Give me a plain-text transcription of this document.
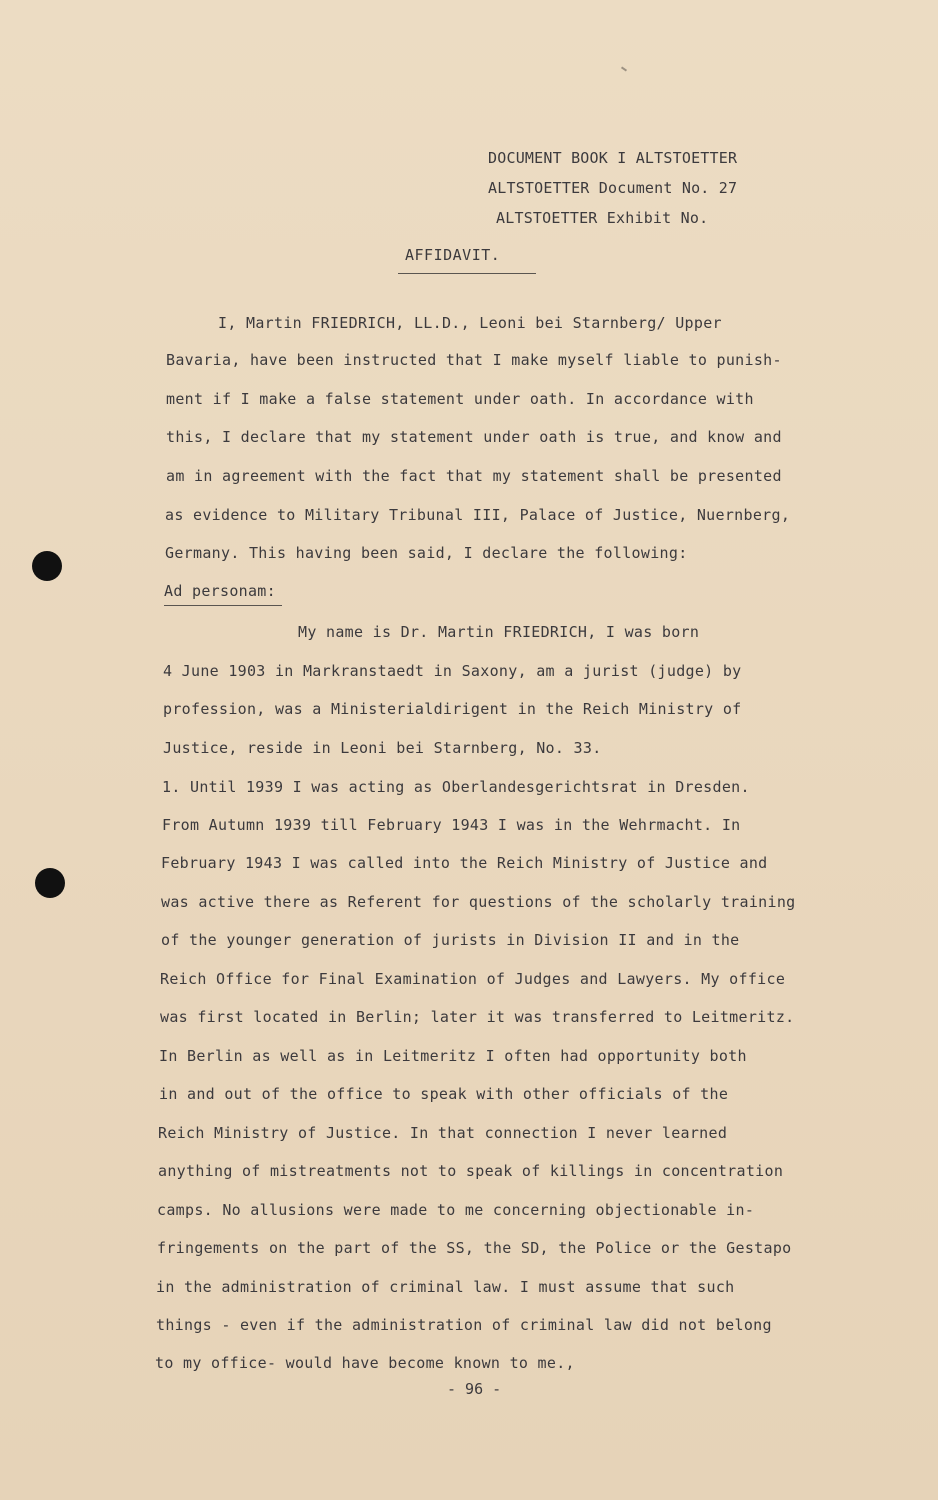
DOCUMENT BOOK I ALTSTOETTER
ALTSTOETTER Document No. 27
ALTSTOETTER Exhibit No.
AFFIDAVIT.
I, Martin FRIEDRICH, LL.D., Leoni bei Starnberg/ Upper
Bavaria, have been instructed that I make myself liable to punish-
ment if I make a false statement under oath. In accordance with
this, I declare that my statement under oath is true, and know and
am in agreement with the fact that my statement shall be presented
as evidence to Military Tribunal III, Palace of Justice, Nuernberg,
Germany. This having been said, I declare the following:
Ad personam:
My name is Dr. Martin FRIEDRICH, I was born
4 June 1903 in Markranstaedt in Saxony, am a jurist (judge) by
profession, was a Ministerialdirigent in the Reich Ministry of
Justice, reside in Leoni bei Starnberg, No. 33.
1. Until 1939 I was acting as Oberlandesgerichtsrat in Dresden.
From Autumn 1939 till February 1943 I was in the Wehrmacht. In
February 1943 I was called into the Reich Ministry of Justice and
was active there as Referent for questions of the scholarly training
of the younger generation of jurists in Division II and in the
Reich Office for Final Examination of Judges and Lawyers. My office
was first located in Berlin; later it was transferred to Leitmeritz.
In Berlin as well as in Leitmeritz I often had opportunity both
in and out of the office to speak with other officials of the
Reich Ministry of Justice. In that connection I never learned
anything of mistreatments not to speak of killings in concentration
camps. No allusions were made to me concerning objectionable in-
fringements on the part of the SS, the SD, the Police or the Gestapo
in the administration of criminal law. I must assume that such
things - even if the administration of criminal law did not belong
to my office- would have become known to me.,
- 96 -
